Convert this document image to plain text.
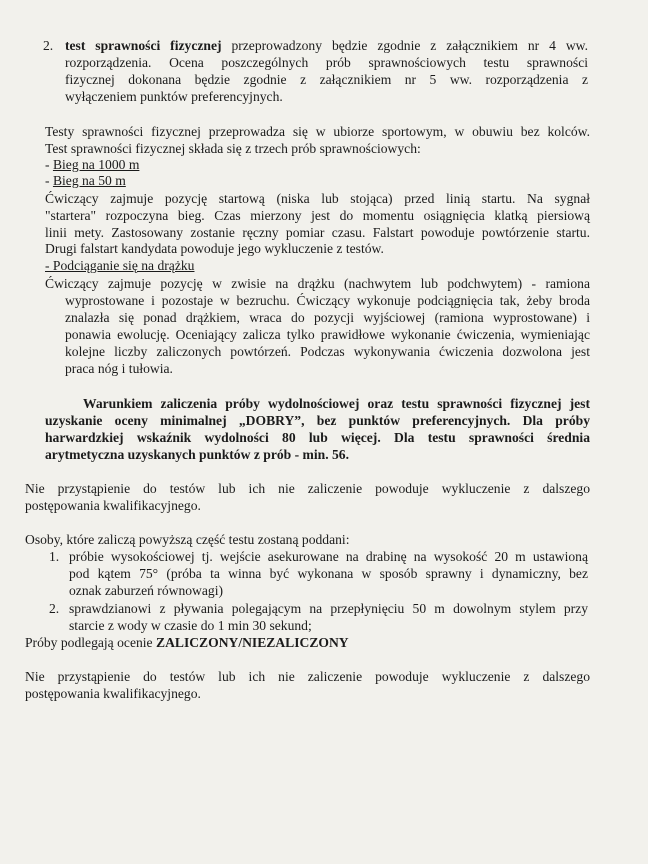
2. test sprawności fizycznej przeprowadzony będzie zgodnie z załącznikiem nr 4 ww.
rozporządzenia. Ocena poszczególnych prób sprawnościowych testu sprawności
fizycznej dokonana będzie zgodnie z załącznikiem nr 5 ww. rozporządzenia z
wyłączeniem punktów preferencyjnych.
Testy sprawności fizycznej przeprowadza się w ubiorze sportowym, w obuwiu bez kolców.
Test sprawności fizycznej składa się z trzech prób sprawnościowych:
- Bieg na 1000 m
- Bieg na 50 m
Ćwiczący zajmuje pozycję startową (niska lub stojąca) przed linią startu. Na sygnał
"startera" rozpoczyna bieg. Czas mierzony jest do momentu osiągnięcia klatką piersiową
linii mety. Zastosowany zostanie ręczny pomiar czasu. Falstart powoduje powtórzenie startu.
Drugi falstart kandydata powoduje jego wykluczenie z testów.
- Podciąganie się na drążku
Ćwiczący zajmuje pozycję w zwisie na drążku (nachwytem lub podchwytem) - ramiona
wyprostowane i pozostaje w bezruchu. Ćwiczący wykonuje podciągnięcia tak, żeby broda
znalazła się ponad drążkiem, wraca do pozycji wyjściowej (ramiona wyprostowane) i
ponawia ewolucję. Oceniający zalicza tylko prawidłowe wykonanie ćwiczenia, wymieniając
kolejne liczby zaliczonych powtórzeń. Podczas wykonywania ćwiczenia dozwolona jest
praca nóg i tułowia.
Warunkiem zaliczenia próby wydolnościowej oraz testu sprawności fizycznej jest
uzyskanie oceny minimalnej „DOBRY”, bez punktów preferencyjnych. Dla próby
harwardzkiej wskaźnik wydolności 80 lub więcej. Dla testu sprawności średnia
arytmetyczna uzyskanych punktów z prób - min. 56.
Nie przystąpienie do testów lub ich nie zaliczenie powoduje wykluczenie z dalszego
postępowania kwalifikacyjnego.
Osoby, które zaliczą powyższą część testu zostaną poddani:
1. próbie wysokościowej tj. wejście asekurowane na drabinę na wysokość 20 m ustawioną
pod kątem 75° (próba ta winna być wykonana w sposób sprawny i dynamiczny, bez
oznak zaburzeń równowagi)
2. sprawdzianowi z pływania polegającym na przepłynięciu 50 m dowolnym stylem przy
starcie z wody w czasie do 1 min 30 sekund;
Próby podlegają ocenie ZALICZONY/NIEZALICZONY
Nie przystąpienie do testów lub ich nie zaliczenie powoduje wykluczenie z dalszego
postępowania kwalifikacyjnego.
